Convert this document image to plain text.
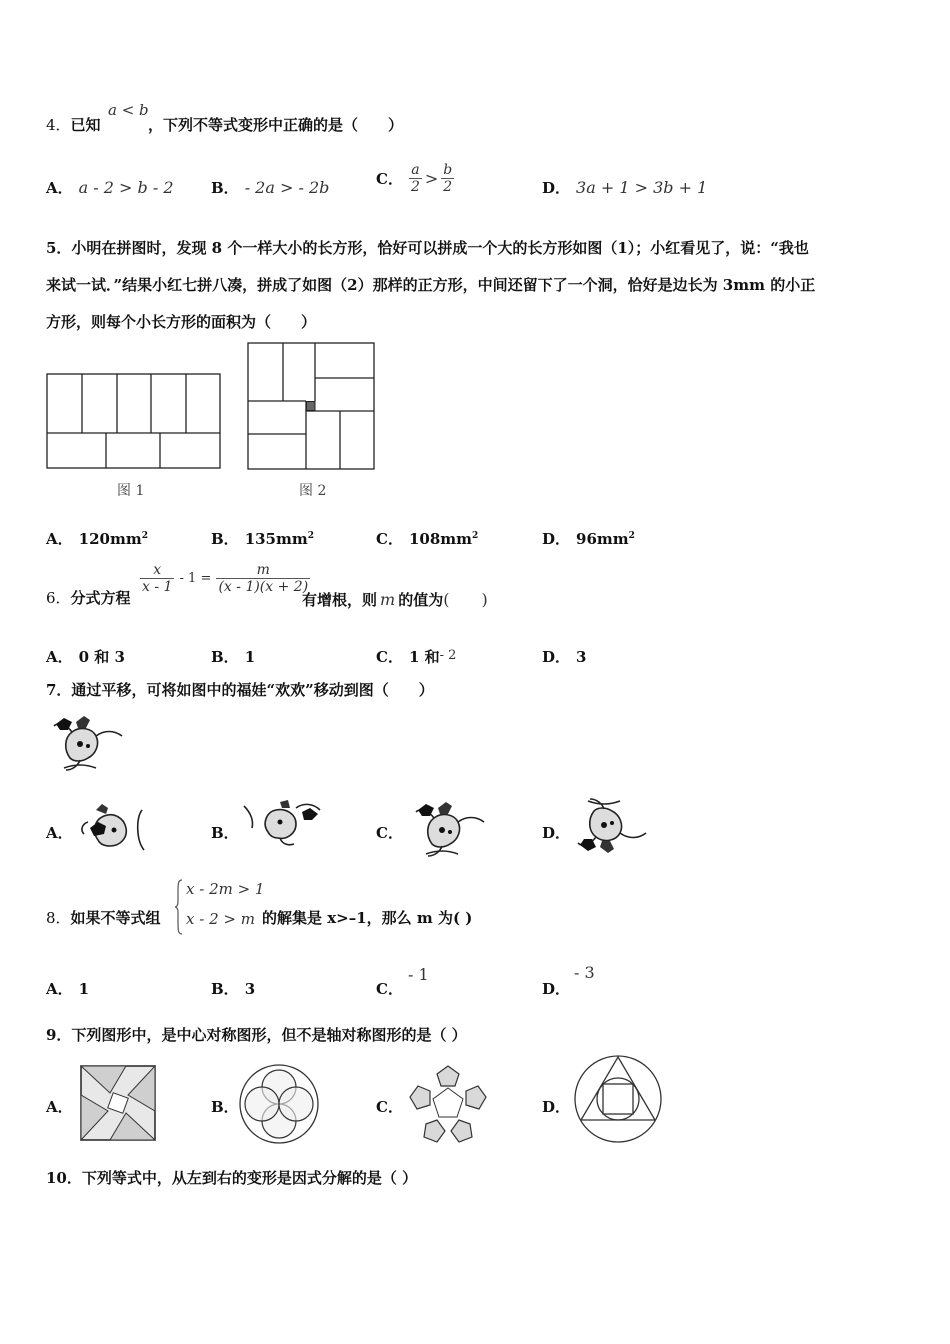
4．已知
a < b
，下列不等式变形中正确的是（　　）
A． a - 2 > b - 2 B． - 2a > - 2b	C． $\frac{a}{2} > \frac{b}{2}$	D． 3a + 1 > 3b + 1
5．小明在拼图时，发现 8 个一样大小的长方形，恰好可以拼成一个大的长方形如图（1）；小红看见了，说：“我也
来试一试．”结果小红七拼八凑，拼成了如图（2）那样的正方形，中间还留下了一个洞，恰好是边长为 3mm 的小正
方形，则每个小长方形的面积为（　　）
图 1	图 2
A． $120mm^2$	B． $135mm^2$	C． $108mm^2$	D． $96mm^2$
6．分式方程
$\frac{x}{x - 1} - 1 = \frac{m}{(x - 1)(x + 2)}$
有增根，则 m 的值为(　　)
A． 0 和 3	B． 1	C． 1 和- 2	D． 3
7．通过平移，可将如图中的福娃“欢欢”移动到图（　　）
A．	B．	C．	D．
8．如果不等式组
x - 2m > 1
x - 2 > m 的解集是 x>–1，那么 m 为( )
A． 1	B． 3	C．
- 1
D．
- 3
9．下列图形中，是中心对称图形，但不是轴对称图形的是（ ）
A．	B．	C．	D．
10．下列等式中，从左到右的变形是因式分解的是（ ）
